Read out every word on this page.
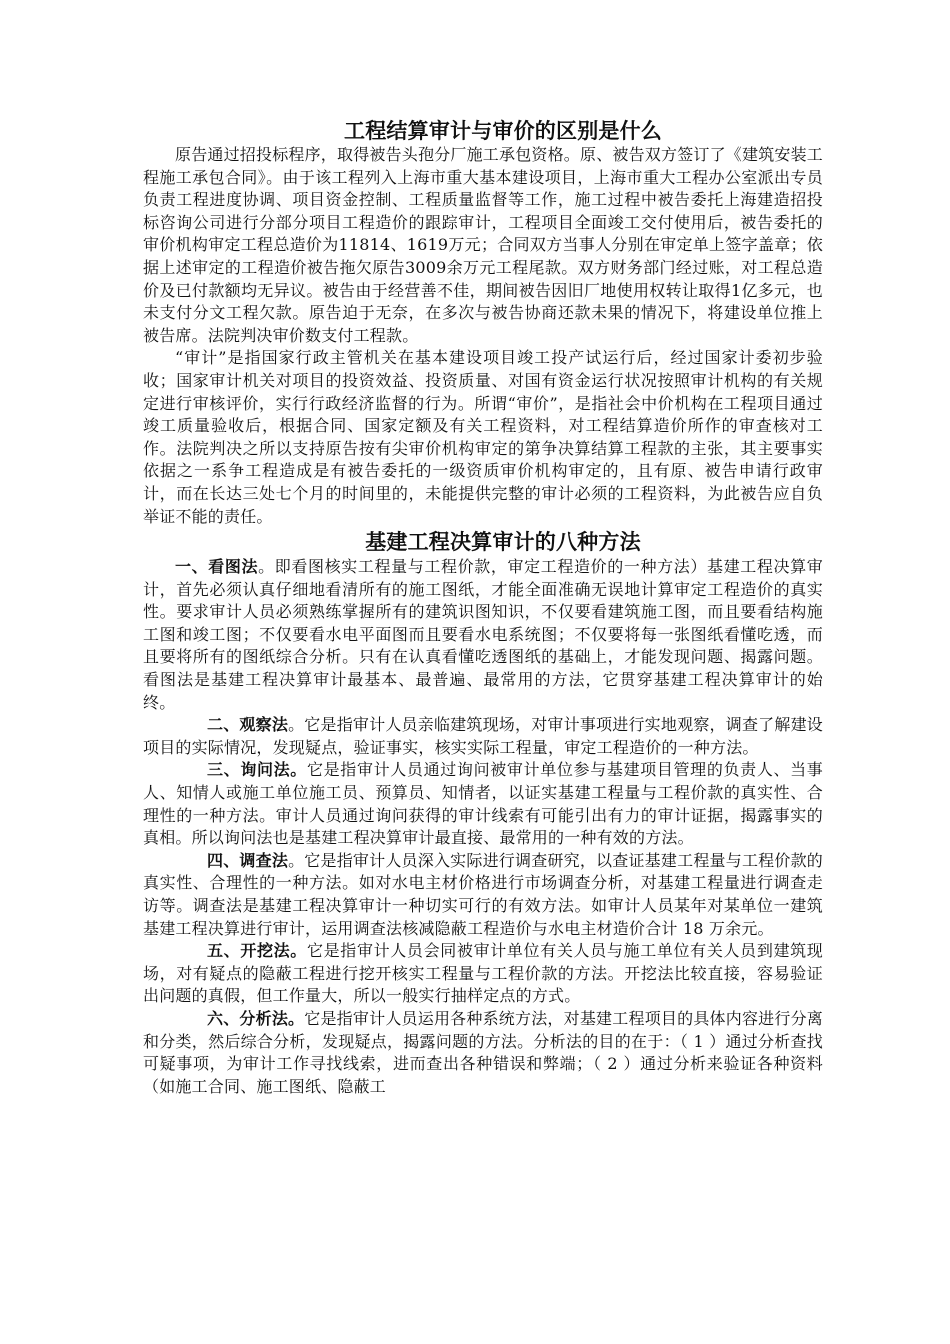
工程结算审计与审价的区别是什么

原告通过招投标程序，取得被告头孢分厂施工承包资格。原、被告双方签订了《建筑安装工程施工承包合同》。由于该工程列入上海市重大基本建设项目，上海市重大工程办公室派出专员负责工程进度协调、项目资金控制、工程质量监督等工作，施工过程中被告委托上海建造招投标咨询公司进行分部分项目工程造价的跟踪审计，工程项目全面竣工交付使用后，被告委托的审价机构审定工程总造价为11814、1619万元；合同双方当事人分别在审定单上签字盖章；依据上述审定的工程造价被告拖欠原告3009余万元工程尾款。双方财务部门经过账，对工程总造价及已付款额均无异议。被告由于经营善不佳，期间被告因旧厂地使用权转让取得1亿多元，也未支付分文工程欠款。原告迫于无奈，在多次与被告协商还款未果的情况下，将建设单位推上被告席。法院判决审价数支付工程款。

“审计”是指国家行政主管机关在基本建设项目竣工投产试运行后，经过国家计委初步验收；国家审计机关对项目的投资效益、投资质量、对国有资金运行状况按照审计机构的有关规定进行审核评价，实行行政经济监督的行为。所谓“审价”，是指社会中价机构在工程项目通过竣工质量验收后，根据合同、国家定额及有关工程资料，对工程结算造价所作的审查核对工作。法院判决之所以支持原告按有尖审价机构审定的第争决算结算工程款的主张，其主要事实依据之一系争工程造成是有被告委托的一级资质审价机构审定的，且有原、被告申请行政审计，而在长达三处七个月的时间里的，未能提供完整的审计必须的工程资料，为此被告应自负举证不能的责任。

基建工程决算审计的八种方法

一、看图法。即看图核实工程量与工程价款，审定工程造价的一种方法）基建工程决算审计，首先必须认真仔细地看清所有的施工图纸，才能全面准确无误地计算审定工程造价的真实性。要求审计人员必须熟练掌握所有的建筑识图知识，不仅要看建筑施工图，而且要看结构施工图和竣工图；不仅要看水电平面图而且要看水电系统图；不仅要将每一张图纸看懂吃透，而且要将所有的图纸综合分析。只有在认真看懂吃透图纸的基础上，才能发现问题、揭露问题。看图法是基建工程决算审计最基本、最普遍、最常用的方法，它贯穿基建工程决算审计的始终。

二、观察法。它是指审计人员亲临建筑现场，对审计事项进行实地观察，调查了解建设项目的实际情况，发现疑点，验证事实，核实实际工程量，审定工程造价的一种方法。

三、询问法。它是指审计人员通过询问被审计单位参与基建项目管理的负责人、当事人、知情人或施工单位施工员、预算员、知情者，以证实基建工程量与工程价款的真实性、合理性的一种方法。审计人员通过询问获得的审计线索有可能引出有力的审计证据，揭露事实的真相。所以询问法也是基建工程决算审计最直接、最常用的一种有效的方法。

四、调查法。它是指审计人员深入实际进行调查研究，以查证基建工程量与工程价款的真实性、合理性的一种方法。如对水电主材价格进行市场调查分析，对基建工程量进行调查走访等。调查法是基建工程决算审计一种切实可行的有效方法。如审计人员某年对某单位一建筑基建工程决算进行审计，运用调查法核减隐蔽工程造价与水电主材造价合计 18 万余元。

五、开挖法。它是指审计人员会同被审计单位有关人员与施工单位有关人员到建筑现场，对有疑点的隐蔽工程进行挖开核实工程量与工程价款的方法。开挖法比较直接，容易验证出问题的真假，但工作量大，所以一般实行抽样定点的方式。

六、分析法。它是指审计人员运用各种系统方法，对基建工程项目的具体内容进行分离和分类，然后综合分析，发现疑点，揭露问题的方法。分析法的目的在于：（ 1 ）通过分析查找可疑事项，为审计工作寻找线索，进而查出各种错误和弊端；（ 2 ）通过分析来验证各种资料（如施工合同、施工图纸、隐蔽工
